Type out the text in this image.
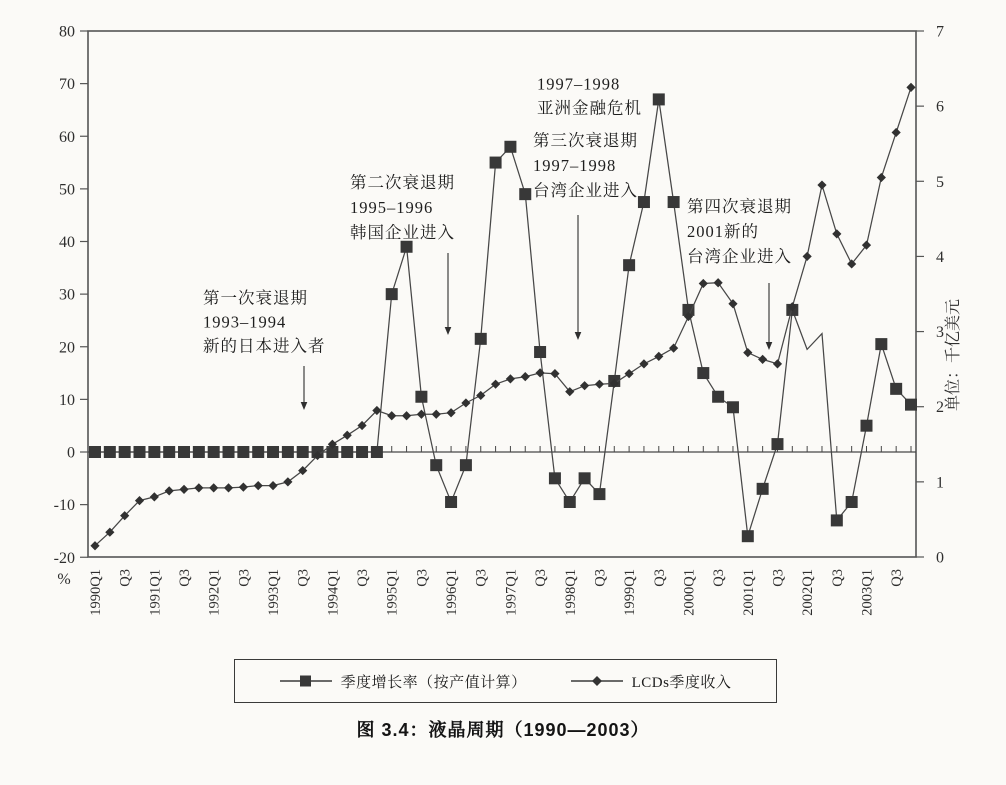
80
70
60
50
40
30
20
10
0
-10
-20
%
7
6
5
4
3
2
1
0
单位：千亿美元
1990Q1 Q3 1991Q1 Q3 1992Q1 Q3 1993Q1 Q3 1994Q1 Q3 1995Q1 Q3 1996Q1 Q3 1997Q1 Q3 1998Q1 Q3 1999Q1 Q3 2000Q1 Q3 2001Q1 Q3 2002Q1 Q3 2003Q1 Q3
第一次衰退期
1993–1994
新的日本进入者
第二次衰退期
1995–1996
韩国企业进入
1997–1998
亚洲金融危机
第三次衰退期
1997–1998
台湾企业进入
第四次衰退期
2001新的
台湾企业进入
季度增长率（按产值计算）	LCDs季度收入
图 3.4：液晶周期（1990—2003）
